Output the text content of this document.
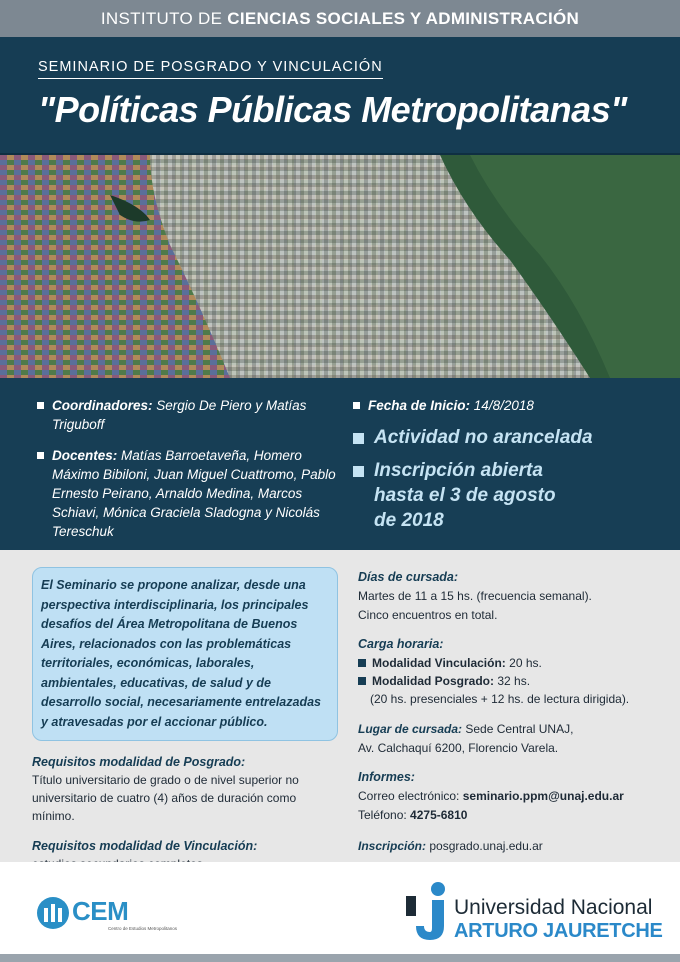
INSTITUTO DE CIENCIAS SOCIALES Y ADMINISTRACIÓN
SEMINARIO DE POSGRADO Y VINCULACIÓN
"Políticas Públicas Metropolitanas"
Coordinadores: Sergio De Piero y Matías Triguboff
Docentes: Matías Barroetaveña, Homero Máximo Bibiloni, Juan Miguel Cuattromo, Pablo Ernesto Peirano, Arnaldo Medina, Marcos Schiavi, Mónica Graciela Sladogna y Nicolás Tereschuk
Fecha de Inicio: 14/8/2018
Actividad no arancelada
Inscripción abierta
hasta el 3 de agosto
de 2018
El Seminario se propone analizar, desde una perspectiva interdisciplinaria, los principales desafíos del Área Metropolitana de Buenos Aires, relacionados con las problemáticas territoriales, económicas, laborales, ambientales, educativas, de salud y de desarrollo social, necesariamente entrelazadas y atravesadas por el accionar público.
Requisitos modalidad de Posgrado:
Título universitario de grado o de nivel superior no universitario de cuatro (4) años de duración como mínimo.
Requisitos modalidad de Vinculación:
Días de cursada:
Martes de 11 a 15 hs. (frecuencia semanal).
Cinco encuentros en total.
Carga horaria:
Modalidad Vinculación: 20 hs.
Modalidad Posgrado: 32 hs.
(20 hs. presenciales + 12 hs. de lectura dirigida).
Lugar de cursada: Sede Central UNAJ,
Av. Calchaquí 6200, Florencio Varela.
Informes:
Correo electrónico: seminario.ppm@unaj.edu.ar
Teléfono: 4275-6810
Inscripción: posgrado.unaj.edu.ar
CEM
Centro de Estudios Metropolitanos
Universidad Nacional
ARTURO JAURETCHE
